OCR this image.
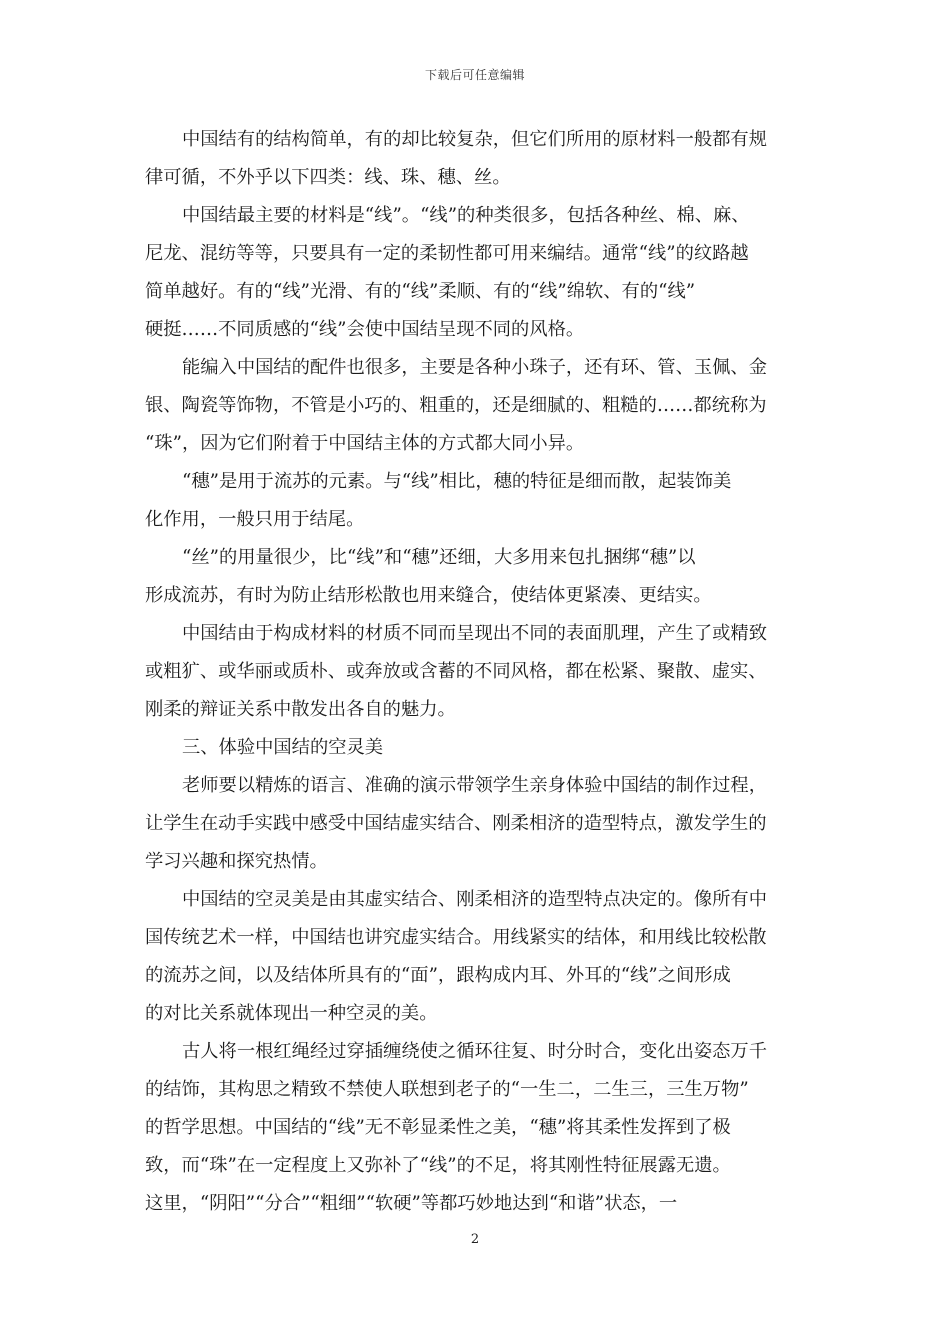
下载后可任意编辑
中国结有的结构简单，有的却比较复杂，但它们所用的原材料一般都有规
律可循，不外乎以下四类：线、珠、穗、丝。
中国结最主要的材料是“线”。“线”的种类很多，包括各种丝、棉、麻、
尼龙、混纺等等，只要具有一定的柔韧性都可用来编结。通常“线”的纹路越
简单越好。有的“线”光滑、有的“线”柔顺、有的“线”绵软、有的“线”
硬挺……不同质感的“线”会使中国结呈现不同的风格。
能编入中国结的配件也很多，主要是各种小珠子，还有环、管、玉佩、金
银、陶瓷等饰物，不管是小巧的、粗重的，还是细腻的、粗糙的……都统称为
“珠”，因为它们附着于中国结主体的方式都大同小异。
“穗”是用于流苏的元素。与“线”相比，穗的特征是细而散，起装饰美
化作用，一般只用于结尾。
“丝”的用量很少，比“线”和“穗”还细，大多用来包扎捆绑“穗”以
形成流苏，有时为防止结形松散也用来缝合，使结体更紧凑、更结实。
中国结由于构成材料的材质不同而呈现出不同的表面肌理，产生了或精致
或粗犷、或华丽或质朴、或奔放或含蓄的不同风格，都在松紧、聚散、虚实、
刚柔的辩证关系中散发出各自的魅力。
三、体验中国结的空灵美
老师要以精炼的语言、准确的演示带领学生亲身体验中国结的制作过程，
让学生在动手实践中感受中国结虚实结合、刚柔相济的造型特点，激发学生的
学习兴趣和探究热情。
中国结的空灵美是由其虚实结合、刚柔相济的造型特点决定的。像所有中
国传统艺术一样，中国结也讲究虚实结合。用线紧实的结体，和用线比较松散
的流苏之间，以及结体所具有的“面”，跟构成内耳、外耳的“线”之间形成
的对比关系就体现出一种空灵的美。
古人将一根红绳经过穿插缠绕使之循环往复、时分时合，变化出姿态万千
的结饰，其构思之精致不禁使人联想到老子的“一生二，二生三，三生万物”
的哲学思想。中国结的“线”无不彰显柔性之美，“穗”将其柔性发挥到了极
致，而“珠”在一定程度上又弥补了“线”的不足，将其刚性特征展露无遗。
这里，“阴阳”“分合”“粗细”“软硬”等都巧妙地达到“和谐”状态，一
2
